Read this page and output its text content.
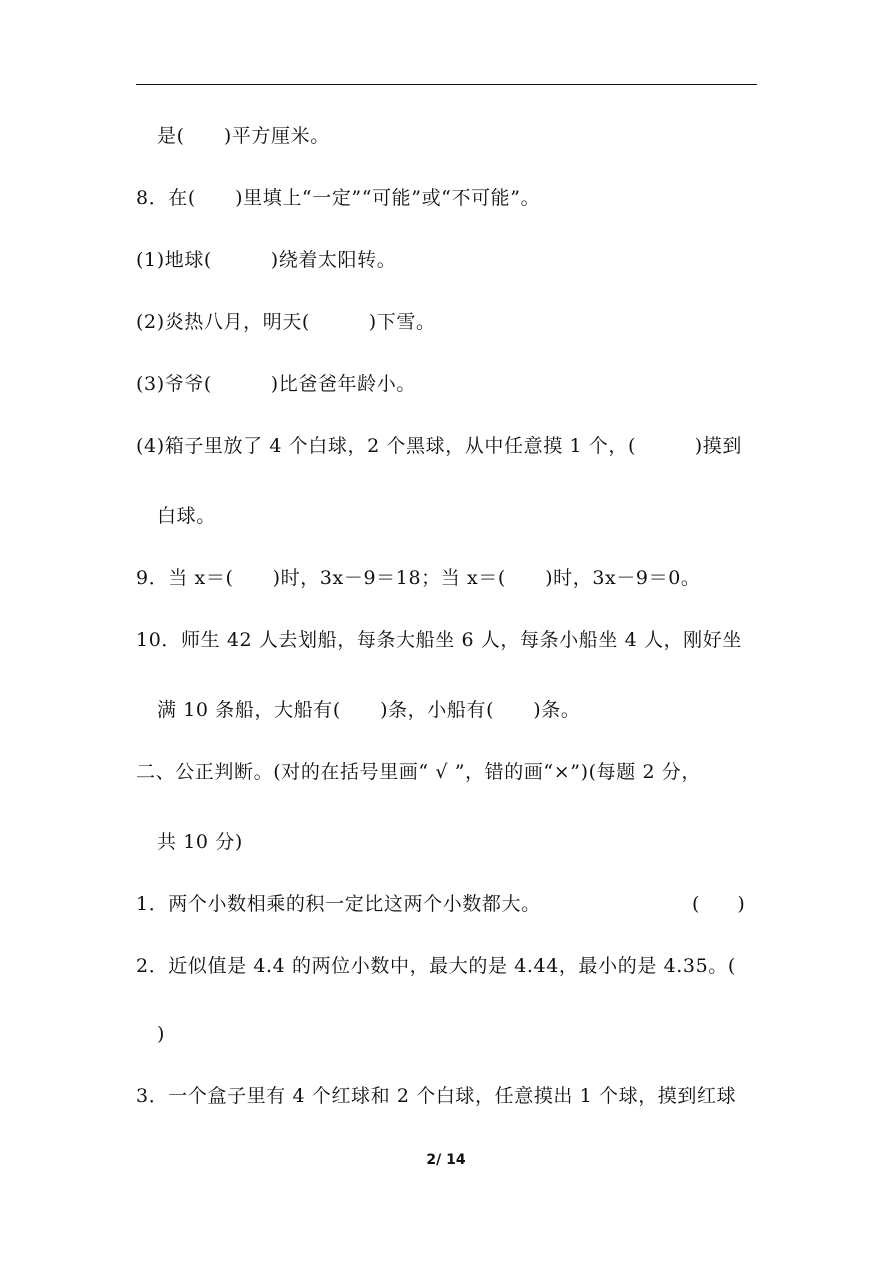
是(　　)平方厘米。
8．在(　　)里填上“一定”“可能”或“不可能”。
(1)地球(　　　)绕着太阳转。
(2)炎热八月，明天(　　　)下雪。
(3)爷爷(　　　)比爸爸年龄小。
(4)箱子里放了 4 个白球，2 个黑球，从中任意摸 1 个，(　　　)摸到
白球。
9．当 x＝(　　)时，3x－9＝18；当 x＝(　　)时，3x－9＝0。
10．师生 42 人去划船，每条大船坐 6 人，每条小船坐 4 人，刚好坐
满 10 条船，大船有(　　)条，小船有(　　)条。
二、公正判断。(对的在括号里画“ √ ”，错的画“×”)(每题 2 分，
共 10 分)
1．两个小数相乘的积一定比这两个小数都大。	(　　)
2．近似值是 4.4 的两位小数中，最大的是 4.44，最小的是 4.35。(
)
3．一个盒子里有 4 个红球和 2 个白球，任意摸出 1 个球，摸到红球
2/ 14
